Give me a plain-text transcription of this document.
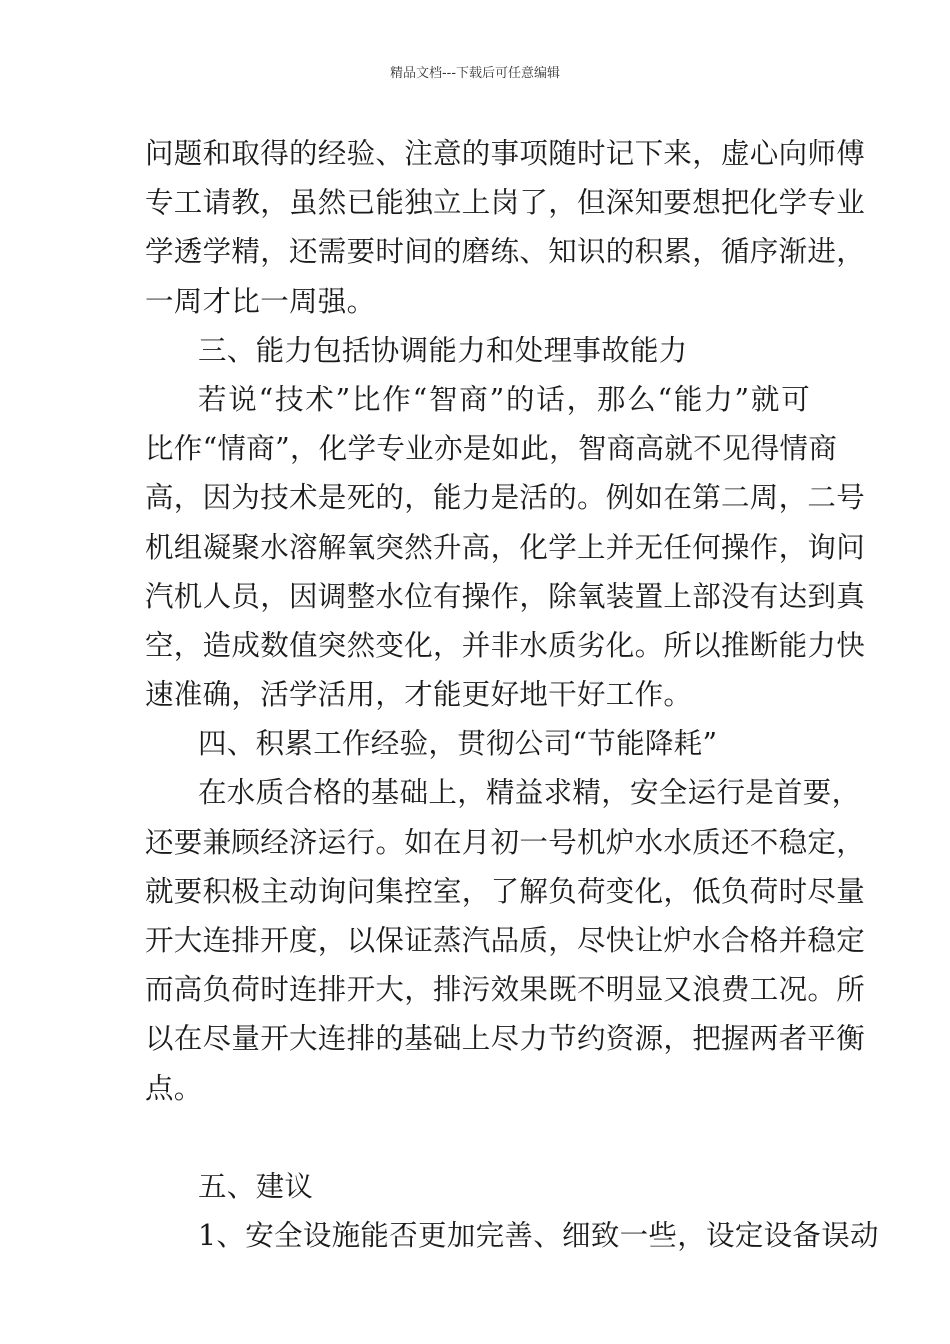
精品文档---下载后可任意编辑
问题和取得的经验、注意的事项随时记下来，虚心向师傅
专工请教，虽然已能独立上岗了，但深知要想把化学专业
学透学精，还需要时间的磨练、知识的积累，循序渐进，
一周才比一周强。
三、能力包括协调能力和处理事故能力
若说“技术”比作“智商”的话，那么“能力”就可
比作“情商”，化学专业亦是如此，智商高就不见得情商
高，因为技术是死的，能力是活的。例如在第二周，二号
机组凝聚水溶解氧突然升高，化学上并无任何操作，询问
汽机人员，因调整水位有操作，除氧装置上部没有达到真
空，造成数值突然变化，并非水质劣化。所以推断能力快
速准确，活学活用，才能更好地干好工作。
四、积累工作经验，贯彻公司“节能降耗”
在水质合格的基础上，精益求精，安全运行是首要，
还要兼顾经济运行。如在月初一号机炉水水质还不稳定，
就要积极主动询问集控室，了解负荷变化，低负荷时尽量
开大连排开度，以保证蒸汽品质，尽快让炉水合格并稳定
而高负荷时连排开大，排污效果既不明显又浪费工况。所
以在尽量开大连排的基础上尽力节约资源，把握两者平衡
点。
五、建议
1、安全设施能否更加完善、细致一些，设定设备误动
